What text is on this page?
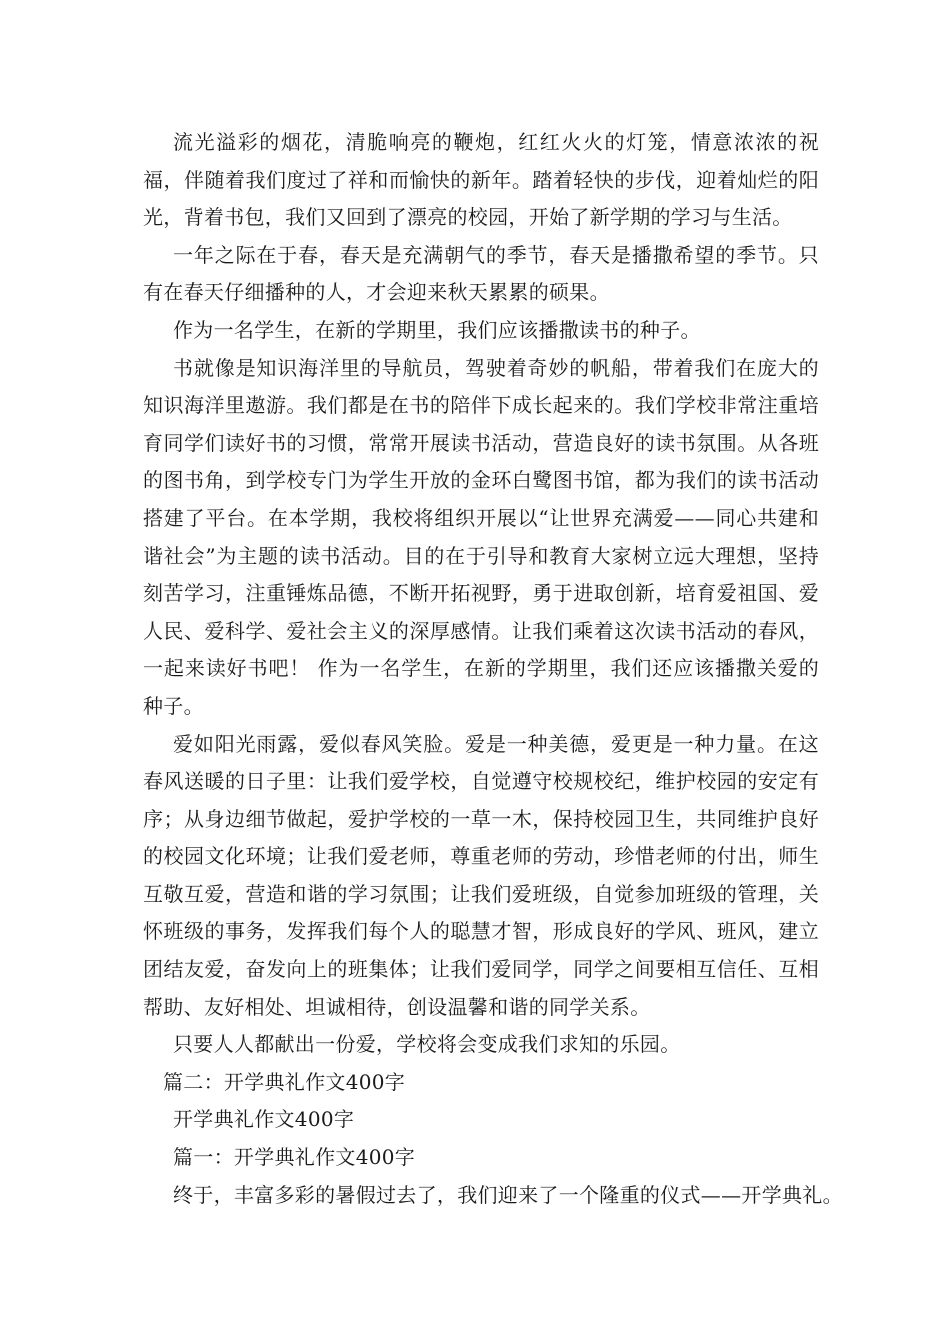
流光溢彩的烟花，清脆响亮的鞭炮，红红火火的灯笼，情意浓浓的祝福，伴随着我们度过了祥和而愉快的新年。踏着轻快的步伐，迎着灿烂的阳光，背着书包，我们又回到了漂亮的校园，开始了新学期的学习与生活。

一年之际在于春，春天是充满朝气的季节，春天是播撒希望的季节。只有在春天仔细播种的人，才会迎来秋天累累的硕果。

作为一名学生，在新的学期里，我们应该播撒读书的种子。

书就像是知识海洋里的导航员，驾驶着奇妙的帆船，带着我们在庞大的知识海洋里遨游。我们都是在书的陪伴下成长起来的。我们学校非常注重培育同学们读好书的习惯，常常开展读书活动，营造良好的读书氛围。从各班的图书角，到学校专门为学生开放的金环白鹭图书馆，都为我们的读书活动搭建了平台。在本学期，我校将组织开展以“让世界充满爱——同心共建和谐社会”为主题的读书活动。目的在于引导和教育大家树立远大理想，坚持刻苦学习，注重锤炼品德，不断开拓视野，勇于进取创新，培育爱祖国、爱人民、爱科学、爱社会主义的深厚感情。让我们乘着这次读书活动的春风，一起来读好书吧！ 作为一名学生，在新的学期里，我们还应该播撒关爱的种子。

爱如阳光雨露，爱似春风笑脸。爱是一种美德，爱更是一种力量。在这春风送暖的日子里：让我们爱学校，自觉遵守校规校纪，维护校园的安定有序；从身边细节做起，爱护学校的一草一木，保持校园卫生，共同维护良好的校园文化环境；让我们爱老师，尊重老师的劳动，珍惜老师的付出，师生互敬互爱，营造和谐的学习氛围；让我们爱班级，自觉参加班级的管理，关怀班级的事务，发挥我们每个人的聪慧才智，形成良好的学风、班风，建立团结友爱，奋发向上的班集体；让我们爱同学，同学之间要相互信任、互相帮助、友好相处、坦诚相待，创设温馨和谐的同学关系。

只要人人都献出一份爱，学校将会变成我们求知的乐园。

篇二：开学典礼作文400字

开学典礼作文400字

篇一：开学典礼作文400字

终于，丰富多彩的暑假过去了，我们迎来了一个隆重的仪式——开学典礼。
